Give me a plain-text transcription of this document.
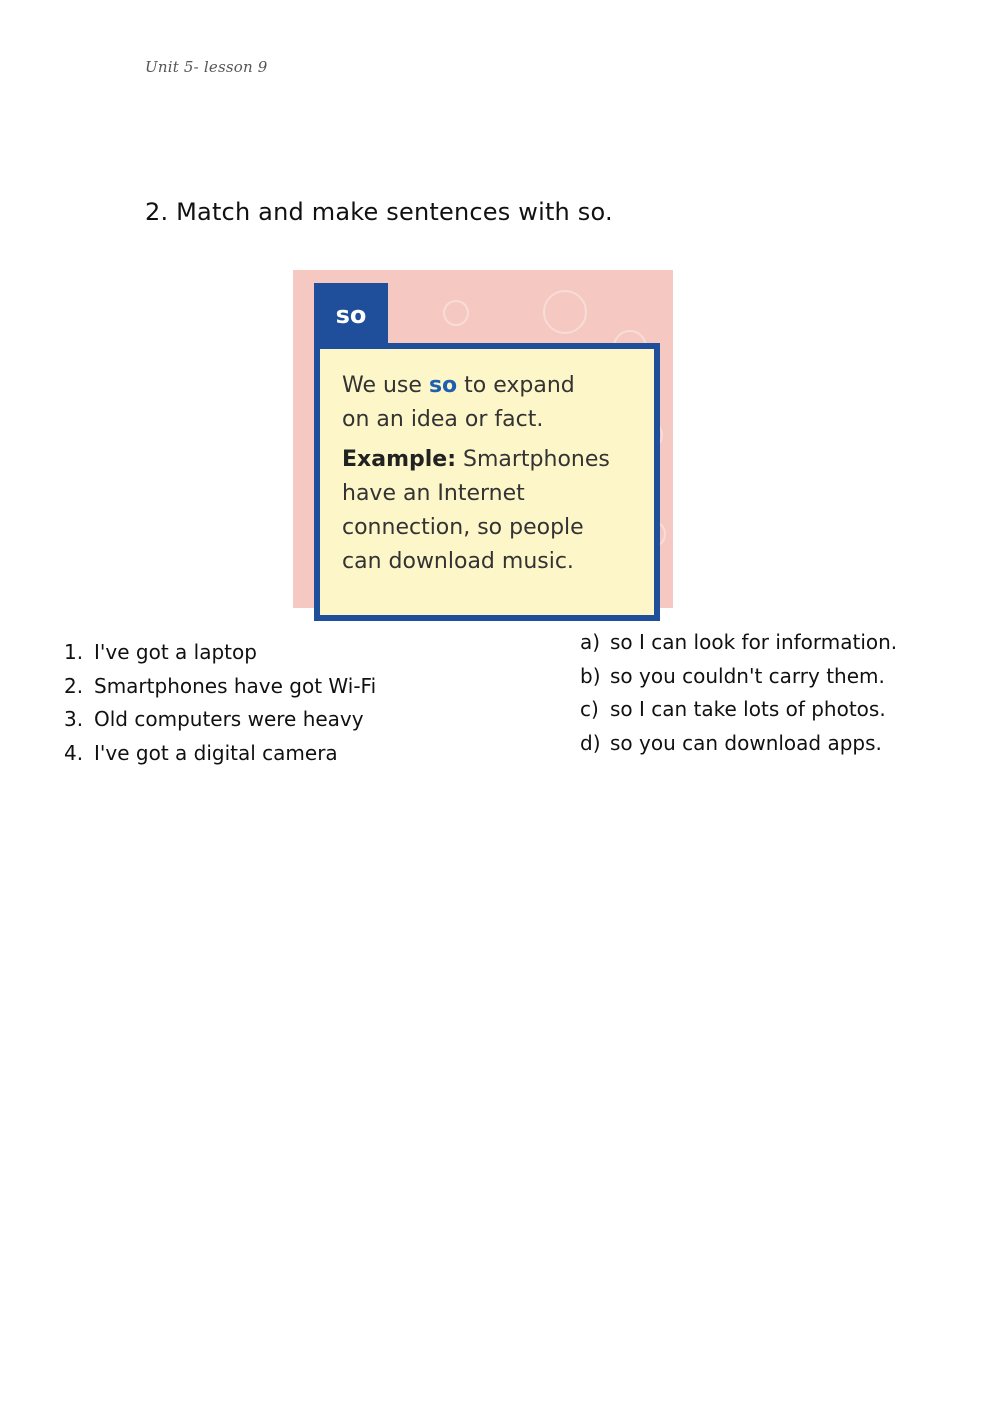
Unit 5- lesson 9
2. Match and make sentences with so.
so
We use so to expand
on an idea or fact.
Example: Smartphones
have an Internet
connection, so people
can download music.
1. I've got a laptop
2. Smartphones have got Wi-Fi
3. Old computers were heavy
4. I've got a digital camera
a) so I can look for information.
b) so you couldn't carry them.
c) so I can take lots of photos.
d) so you can download apps.
